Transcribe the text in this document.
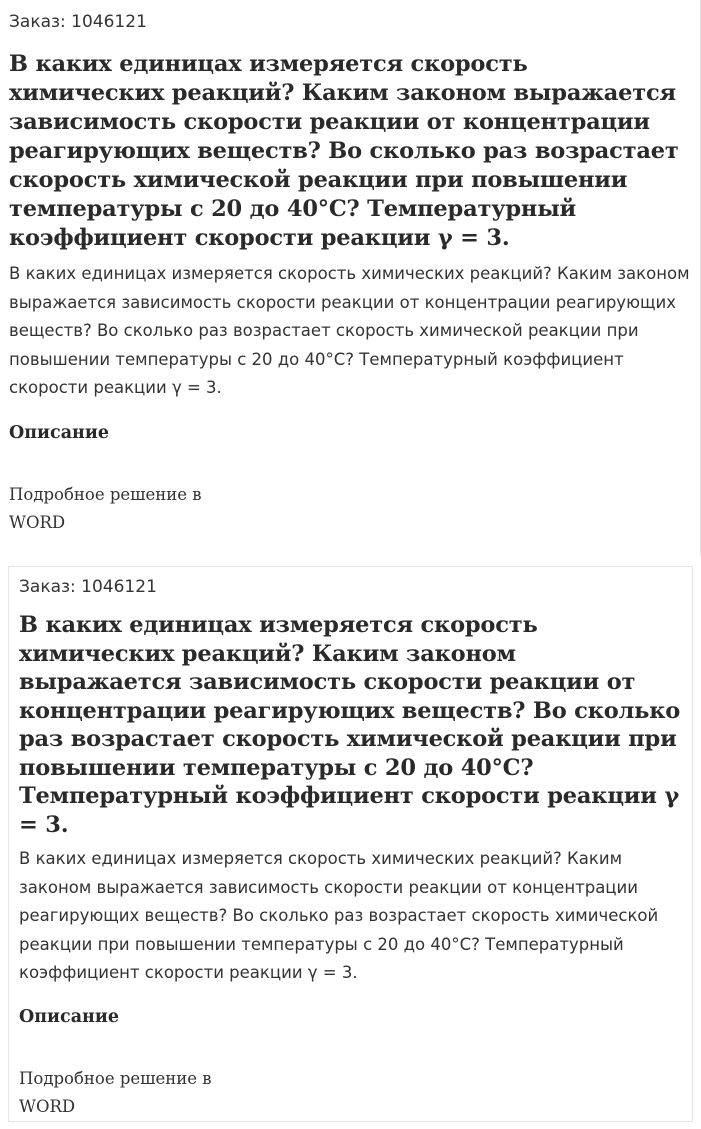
Заказ: 1046121

В каких единицах измеряется скорость химических реакций? Каким законом выражается зависимость скорости реакции от концентрации реагирующих веществ? Во сколько раз возрастает скорость химической реакции при повышении температуры с 20 до 40°С? Температурный коэффициент скорости реакции γ = 3.

В каких единицах измеряется скорость химических реакций? Каким законом выражается зависимость скорости реакции от концентрации реагирующих веществ? Во сколько раз возрастает скорость химической реакции при повышении температуры с 20 до 40°С? Температурный коэффициент скорости реакции γ = 3.

Описание

Подробное решение в WORD

Заказ: 1046121

В каких единицах измеряется скорость химических реакций? Каким законом выражается зависимость скорости реакции от концентрации реагирующих веществ? Во сколько раз возрастает скорость химической реакции при повышении температуры с 20 до 40°С? Температурный коэффициент скорости реакции γ = 3.

В каких единицах измеряется скорость химических реакций? Каким законом выражается зависимость скорости реакции от концентрации реагирующих веществ? Во сколько раз возрастает скорость химической реакции при повышении температуры с 20 до 40°С? Температурный коэффициент скорости реакции γ = 3.

Описание

Подробное решение в WORD
